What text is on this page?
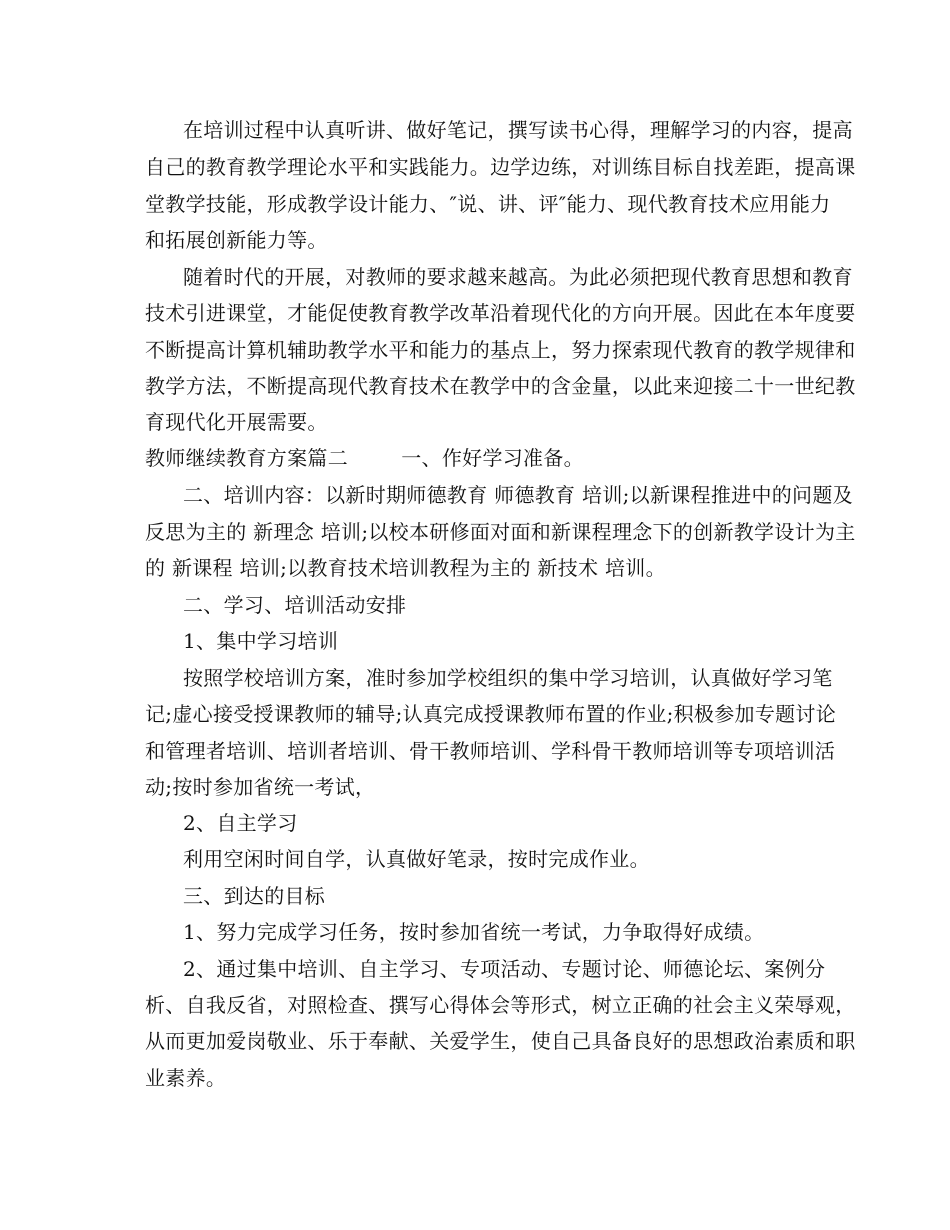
在培训过程中认真听讲、做好笔记，撰写读书心得，理解学习的内容，提高
自己的教育教学理论水平和实践能力。边学边练，对训练目标自找差距，提高课
堂教学技能，形成教学设计能力、″说、讲、评″能力、现代教育技术应用能力
和拓展创新能力等。
随着时代的开展，对教师的要求越来越高。为此必须把现代教育思想和教育
技术引进课堂，才能促使教育教学改革沿着现代化的方向开展。因此在本年度要
不断提高计算机辅助教学水平和能力的基点上，努力探索现代教育的教学规律和
教学方法，不断提高现代教育技术在教学中的含金量，以此来迎接二十一世纪教
育现代化开展需要。
教师继续教育方案篇二        一、作好学习准备。
二、培训内容：以新时期师德教育 师德教育 培训;以新课程推进中的问题及
反思为主的 新理念 培训;以校本研修面对面和新课程理念下的创新教学设计为主
的 新课程 培训;以教育技术培训教程为主的 新技术 培训。
二、学习、培训活动安排
1、集中学习培训
按照学校培训方案，准时参加学校组织的集中学习培训，认真做好学习笔
记;虚心接受授课教师的辅导;认真完成授课教师布置的作业;积极参加专题讨论
和管理者培训、培训者培训、骨干教师培训、学科骨干教师培训等专项培训活
动;按时参加省统一考试，
2、自主学习
利用空闲时间自学，认真做好笔录，按时完成作业。
三、到达的目标
1、努力完成学习任务，按时参加省统一考试，力争取得好成绩。
2、通过集中培训、自主学习、专项活动、专题讨论、师德论坛、案例分
析、自我反省，对照检查、撰写心得体会等形式，树立正确的社会主义荣辱观，
从而更加爱岗敬业、乐于奉献、关爱学生，使自己具备良好的思想政治素质和职
业素养。
